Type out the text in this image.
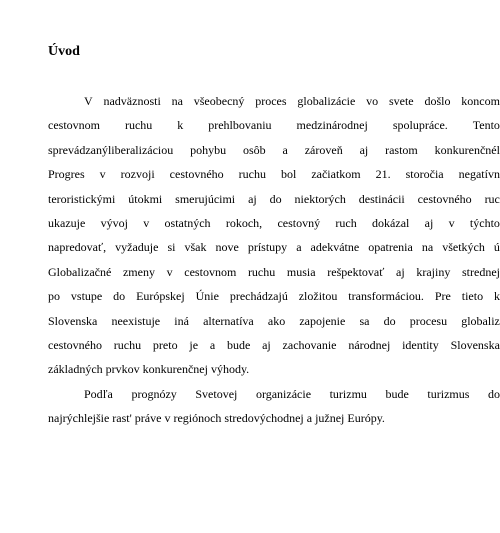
Úvod
V nadväznosti na všeobecný proces globalizácie vo svete došlo koncom
cestovnom ruchu k prehlbovaniu medzinárodnej spolupráce. Tento
sprevádzanýliberalizáciou pohybu osôb a zároveň aj rastom konkurenčnél
Progres v rozvoji cestovného ruchu bol začiatkom 21. storočia negatívn
teroristickými útokmi smerujúcimi aj do niektorých destinácii cestovného ruc
ukazuje vývoj v ostatných rokoch, cestovný ruch dokázal aj v týchto
napredovať, vyžaduje si však nove prístupy a adekvátne opatrenia na všetkých ú
Globalizačné zmeny v cestovnom ruchu musia rešpektovať aj krajiny strednej
po vstupe do Európskej Únie prechádzajú zložitou transformáciou. Pre tieto k
Slovenska neexistuje iná alternatíva ako zapojenie sa do procesu globaliz
cestovného ruchu preto je a bude aj zachovanie národnej identity Slovenska
základných prvkov konkurenčnej výhody.
Podľa prognózy Svetovej organizácie turizmu bude turizmus do
najrýchlejšie rast' práve v regiónoch stredovýchodnej a južnej Európy.
